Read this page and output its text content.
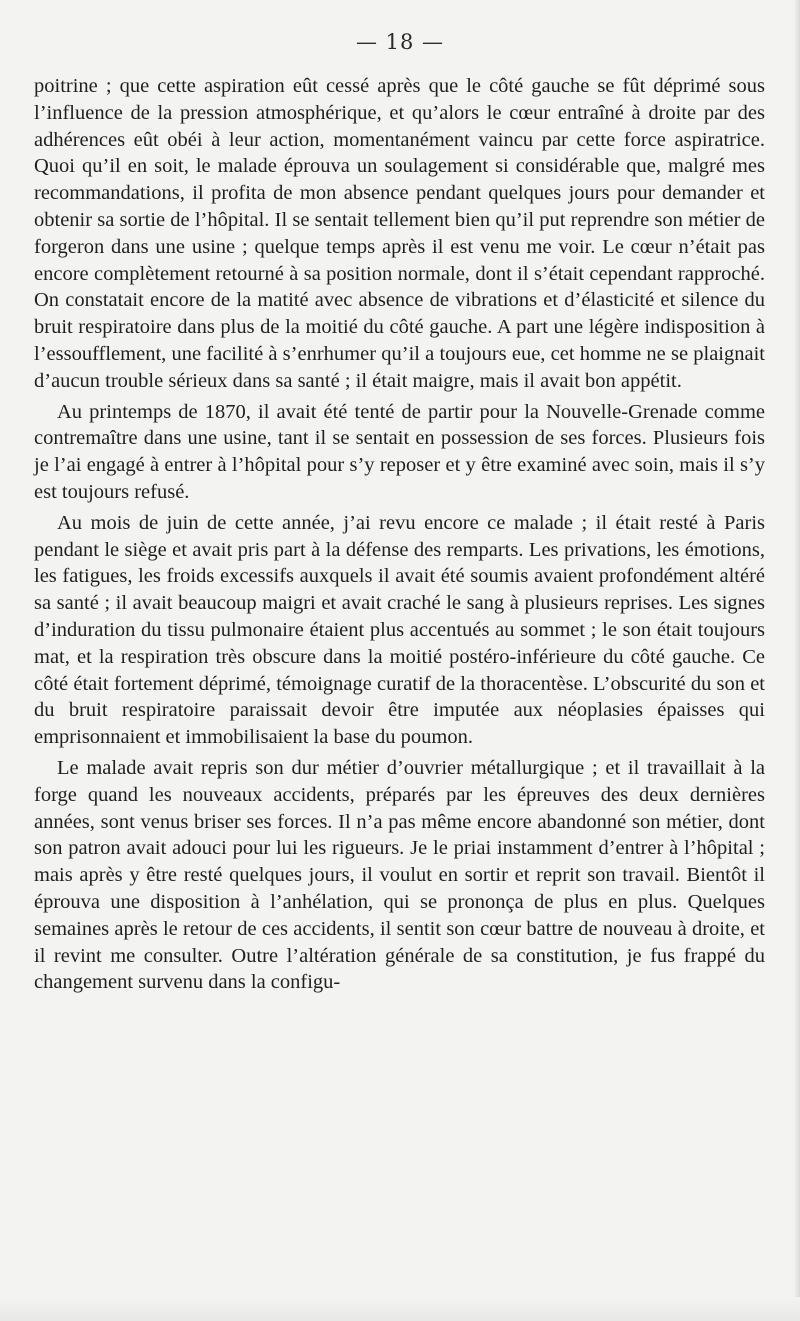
— 18 —

poitrine ; que cette aspiration eût cessé après que le côté gauche se fût déprimé sous l’influence de la pression atmosphérique, et qu’alors le cœur entraîné à droite par des adhérences eût obéi à leur action, momentanément vaincu par cette force aspiratrice. Quoi qu’il en soit, le malade éprouva un soulagement si considérable que, malgré mes recommandations, il profita de mon absence pendant quelques jours pour demander et obtenir sa sortie de l’hôpital. Il se sentait tellement bien qu’il put reprendre son métier de forgeron dans une usine ; quelque temps après il est venu me voir. Le cœur n’était pas encore complètement retourné à sa position normale, dont il s’était cependant rapproché. On constatait encore de la matité avec absence de vibrations et d’élasticité et silence du bruit respiratoire dans plus de la moitié du côté gauche. A part une légère indisposition à l’essoufflement, une facilité à s’enrhumer qu’il a toujours eue, cet homme ne se plaignait d’aucun trouble sérieux dans sa santé ; il était maigre, mais il avait bon appétit.

Au printemps de 1870, il avait été tenté de partir pour la Nouvelle-Grenade comme contremaître dans une usine, tant il se sentait en possession de ses forces. Plusieurs fois je l’ai engagé à entrer à l’hôpital pour s’y reposer et y être examiné avec soin, mais il s’y est toujours refusé.

Au mois de juin de cette année, j’ai revu encore ce malade ; il était resté à Paris pendant le siège et avait pris part à la défense des remparts. Les privations, les émotions, les fatigues, les froids excessifs auxquels il avait été soumis avaient profondément altéré sa santé ; il avait beaucoup maigri et avait craché le sang à plusieurs reprises. Les signes d’induration du tissu pulmonaire étaient plus accentués au sommet ; le son était toujours mat, et la respiration très obscure dans la moitié postéro-inférieure du côté gauche. Ce côté était fortement déprimé, témoignage curatif de la thoracentèse. L’obscurité du son et du bruit respiratoire paraissait devoir être imputée aux néoplasies épaisses qui emprisonnaient et immobilisaient la base du poumon.

Le malade avait repris son dur métier d’ouvrier métallurgique ; et il travaillait à la forge quand les nouveaux accidents, préparés par les épreuves des deux dernières années, sont venus briser ses forces. Il n’a pas même encore abandonné son métier, dont son patron avait adouci pour lui les rigueurs. Je le priai instamment d’entrer à l’hôpital ; mais après y être resté quelques jours, il voulut en sortir et reprit son travail. Bientôt il éprouva une disposition à l’anhélation, qui se prononça de plus en plus. Quelques semaines après le retour de ces accidents, il sentit son cœur battre de nouveau à droite, et il revint me consulter. Outre l’altération générale de sa constitution, je fus frappé du changement survenu dans la configu-
